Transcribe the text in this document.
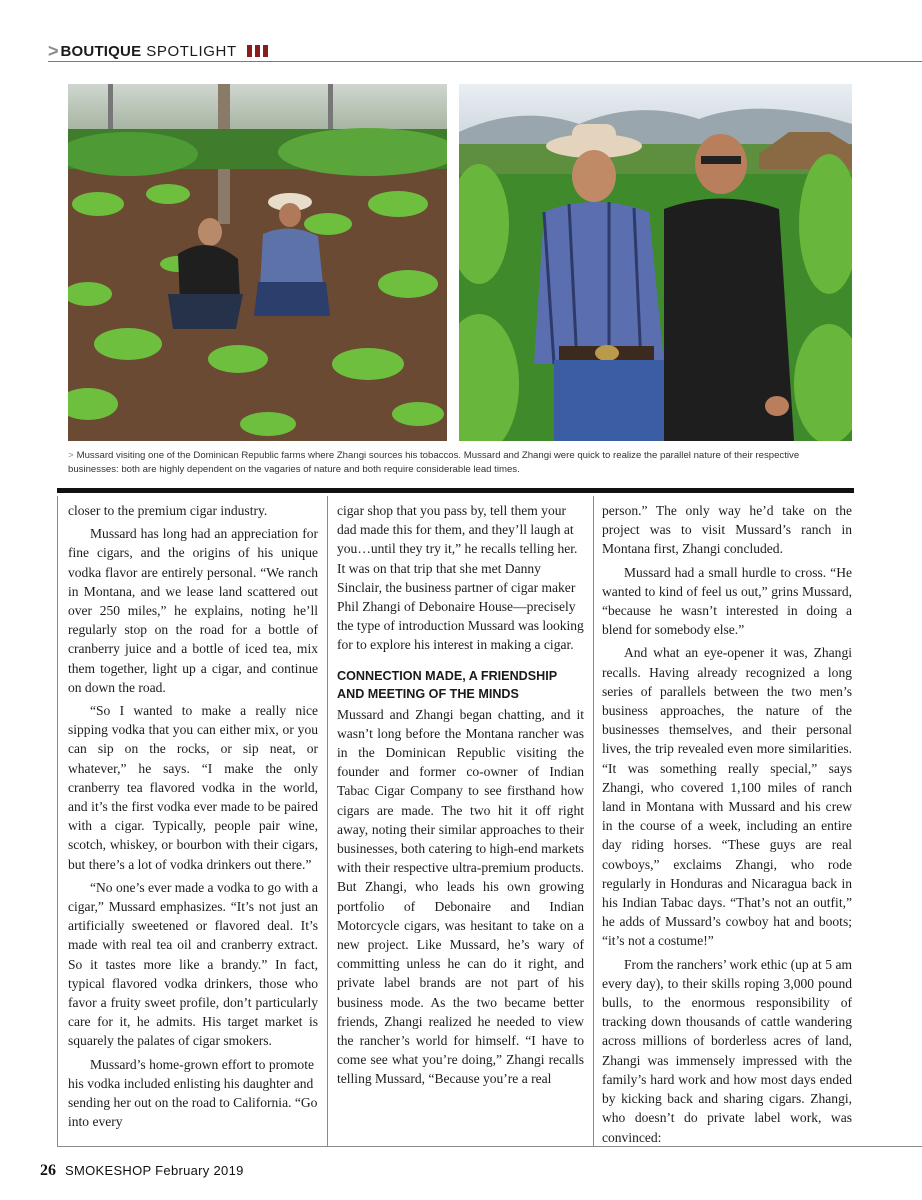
> BOUTIQUE SPOTLIGHT
> Mussard visiting one of the Dominican Republic farms where Zhangi sources his tobaccos. Mussard and Zhangi were quick to realize the parallel nature of their respective businesses: both are highly dependent on the vagaries of nature and both require considerable lead times.

closer to the premium cigar industry.

Mussard has long had an appreciation for fine cigars, and the origins of his unique vodka flavor are entirely personal. “We ranch in Montana, and we lease land scattered out over 250 miles,” he explains, noting he’ll regularly stop on the road for a bottle of cranberry juice and a bottle of iced tea, mix them together, light up a cigar, and continue on down the road.

“So I wanted to make a really nice sipping vodka that you can either mix, or you can sip on the rocks, or sip neat, or whatever,” he says. “I make the only cranberry tea flavored vodka in the world, and it’s the first vodka ever made to be paired with a cigar. Typically, people pair wine, scotch, whiskey, or bourbon with their cigars, but there’s a lot of vodka drinkers out there.”

“No one’s ever made a vodka to go with a cigar,” Mussard emphasizes. “It’s not just an artificially sweetened or flavored deal. It’s made with real tea oil and cranberry extract. So it tastes more like a brandy.” In fact, typical flavored vodka drinkers, those who favor a fruity sweet profile, don’t particularly care for it, he admits. His target market is squarely the palates of cigar smokers.

Mussard’s home-grown effort to promote his vodka included enlisting his daughter and sending her out on the road to California. “Go into every

cigar shop that you pass by, tell them your dad made this for them, and they’ll laugh at you…until they try it,” he recalls telling her. It was on that trip that she met Danny Sinclair, the business partner of cigar maker Phil Zhangi of Debonaire House—precisely the type of introduction Mussard was looking for to explore his interest in making a cigar.

CONNECTION MADE, A FRIENDSHIP AND MEETING OF THE MINDS

Mussard and Zhangi began chatting, and it wasn’t long before the Montana rancher was in the Dominican Republic visiting the founder and former co-owner of Indian Tabac Cigar Company to see firsthand how cigars are made. The two hit it off right away, noting their similar approaches to their businesses, both catering to high-end markets with their respective ultra-premium products. But Zhangi, who leads his own growing portfolio of Debonaire and Indian Motorcycle cigars, was hesitant to take on a new project. Like Mussard, he’s wary of committing unless he can do it right, and private label brands are not part of his business mode. As the two became better friends, Zhangi realized he needed to view the rancher’s world for himself. “I have to come see what you’re doing,” Zhangi recalls telling Mussard, “Because you’re a real

person.” The only way he’d take on the project was to visit Mussard’s ranch in Montana first, Zhangi concluded.

Mussard had a small hurdle to cross. “He wanted to kind of feel us out,” grins Mussard, “because he wasn’t interested in doing a blend for somebody else.”

And what an eye-opener it was, Zhangi recalls. Having already recognized a long series of parallels between the two men’s business approaches, the nature of the businesses themselves, and their personal lives, the trip revealed even more similarities. “It was something really special,” says Zhangi, who covered 1,100 miles of ranch land in Montana with Mussard and his crew in the course of a week, including an entire day riding horses. “These guys are real cowboys,” exclaims Zhangi, who rode regularly in Honduras and Nicaragua back in his Indian Tabac days. “That’s not an outfit,” he adds of Mussard’s cowboy hat and boots; “it’s not a costume!”

From the ranchers’ work ethic (up at 5 am every day), to their skills roping 3,000 pound bulls, to the enormous responsibility of tracking down thousands of cattle wandering across millions of borderless acres of land, Zhangi was immensely impressed with the family’s hard work and how most days ended by kicking back and sharing cigars. Zhangi, who doesn’t do private label work, was convinced:

26 SMOKESHOP February 2019
